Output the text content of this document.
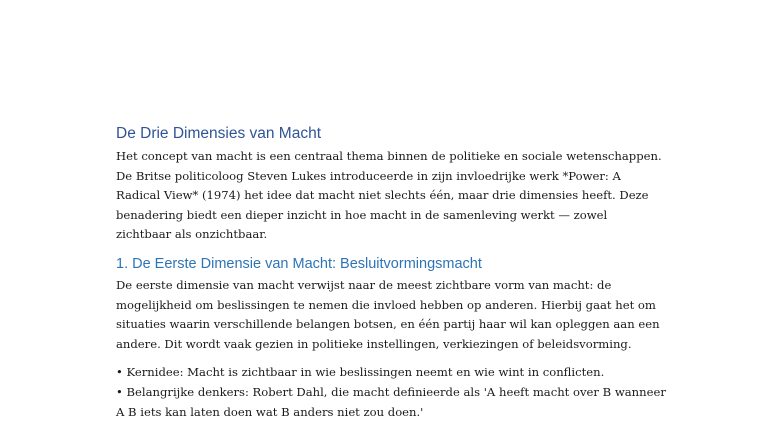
De Drie Dimensies van Macht

Het concept van macht is een centraal thema binnen de politieke en sociale wetenschappen.
De Britse politicoloog Steven Lukes introduceerde in zijn invloedrijke werk *Power: A
Radical View* (1974) het idee dat macht niet slechts één, maar drie dimensies heeft. Deze
benadering biedt een dieper inzicht in hoe macht in de samenleving werkt — zowel
zichtbaar als onzichtbaar.

1. De Eerste Dimensie van Macht: Besluitvormingsmacht

De eerste dimensie van macht verwijst naar de meest zichtbare vorm van macht: de
mogelijkheid om beslissingen te nemen die invloed hebben op anderen. Hierbij gaat het om
situaties waarin verschillende belangen botsen, en één partij haar wil kan opleggen aan een
andere. Dit wordt vaak gezien in politieke instellingen, verkiezingen of beleidsvorming.

• Kernidee: Macht is zichtbaar in wie beslissingen neemt en wie wint in conflicten.
• Belangrijke denkers: Robert Dahl, die macht definieerde als 'A heeft macht over B wanneer
A B iets kan laten doen wat B anders niet zou doen.'
